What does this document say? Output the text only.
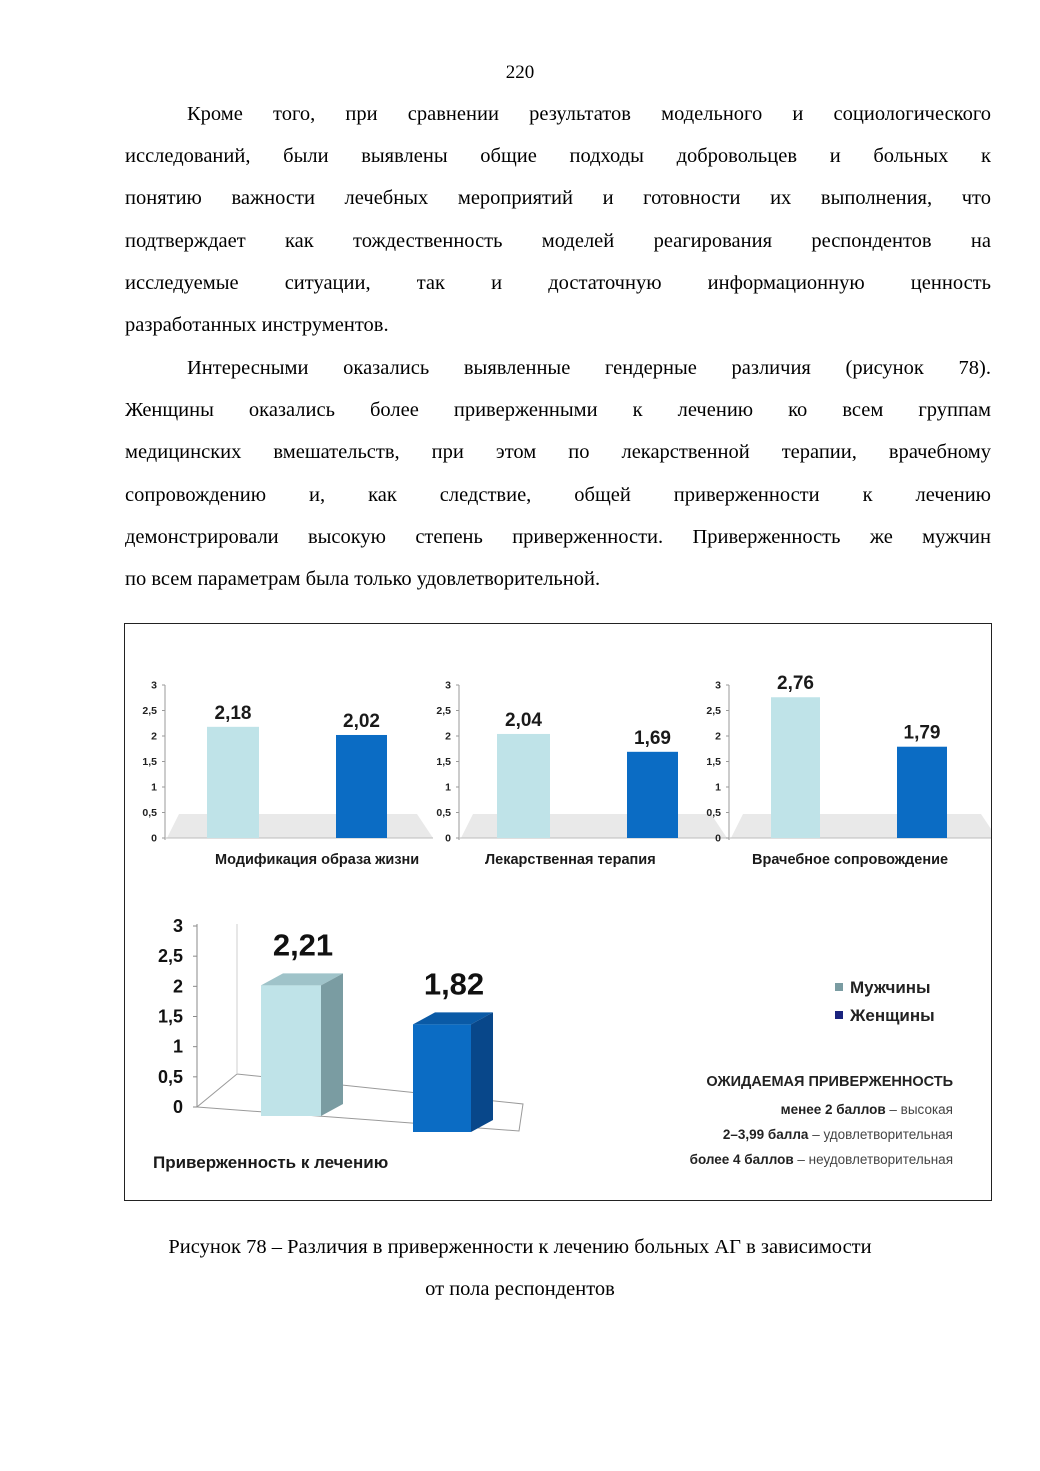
220
Кроме того, при сравнении результатов модельного и социологического
исследований, были выявлены общие подходы добровольцев и больных к
понятию важности лечебных мероприятий и готовности их выполнения, что
подтверждает как тождественность моделей реагирования респондентов на
исследуемые ситуации, так и достаточную информационную ценность
разработанных инструментов.
Интересными оказались выявленные гендерные различия (рисунок 78).
Женщины оказались более приверженными к лечению ко всем группам
медицинских вмешательств, при этом по лекарственной терапии, врачебному
сопровождению и, как следствие, общей приверженности к лечению
демонстрировали высокую степень приверженности. Приверженность же мужчин
по всем параметрам была только удовлетворительной.
0
0,5
1
1,5
2
2,5
3
2,18	2,02
Модификация образа жизни
0
0,5
1
1,5
2
2,5
3
2,04
1,69
Лекарственная терапия
0
0,5
1
1,5
2
2,5
3	2,76
1,79
Врачебное сопровождение
0
0,5
1
1,5
2
2,5
3
2,21
1,82
Приверженность к лечению
Мужчины
Женщины
ОЖИДАЕМАЯ ПРИВЕРЖЕННОСТЬ
менее 2 баллов – высокая
2–3,99 балла – удовлетворительная
более 4 баллов – неудовлетворительная
Рисунок 78 – Различия в приверженности к лечению больных АГ в зависимости
от пола респондентов
